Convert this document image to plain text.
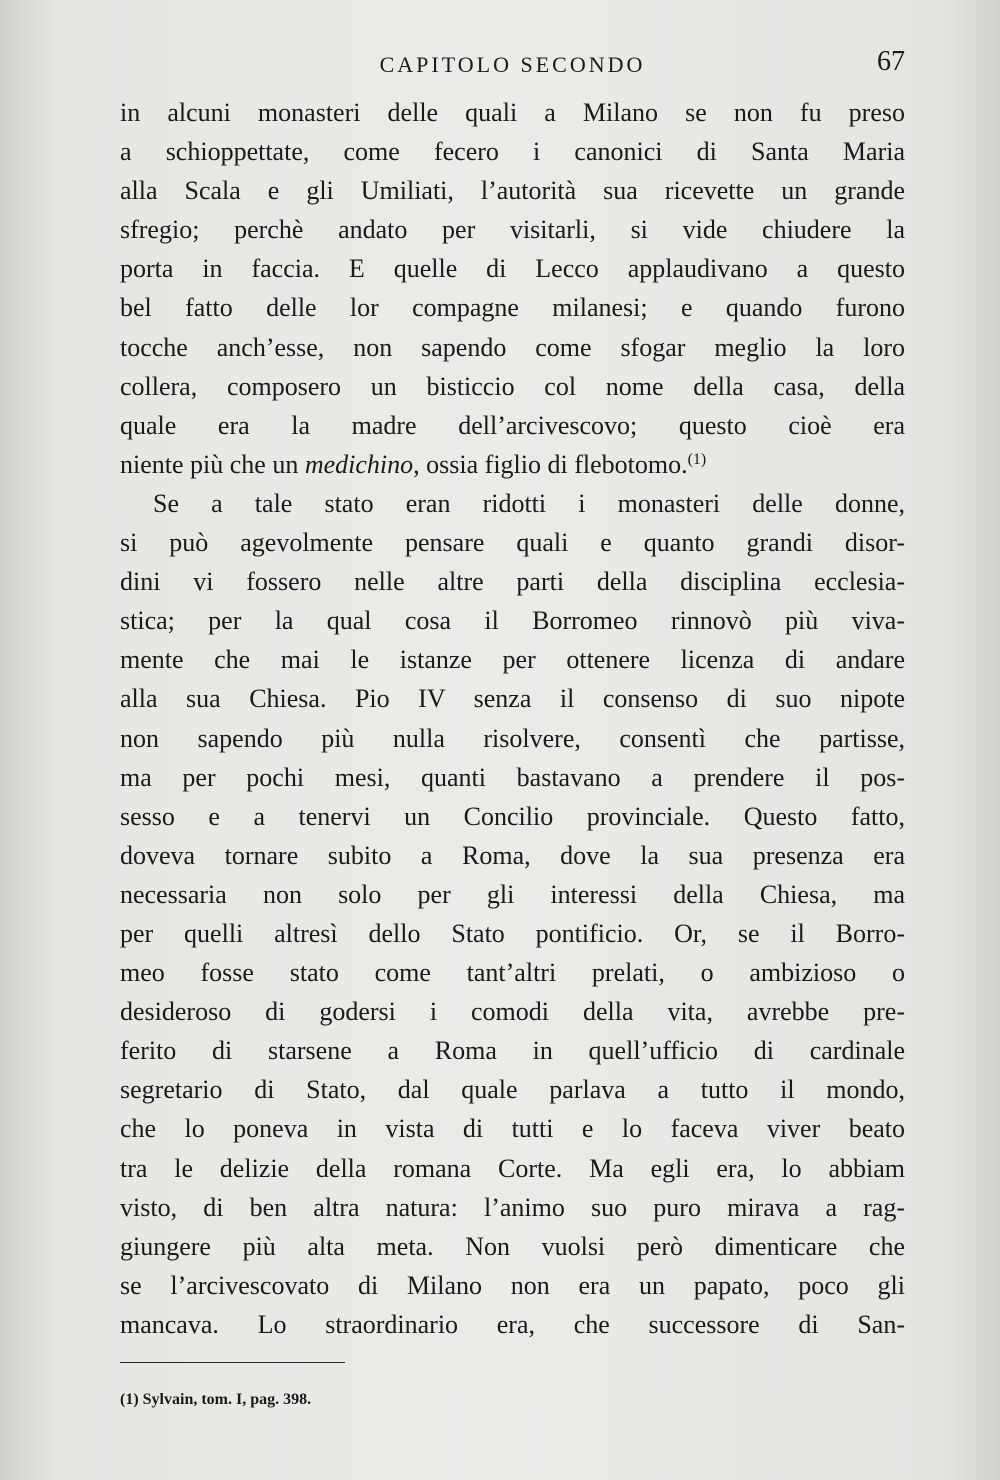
CAPITOLO SECONDO	67
in alcuni monasteri delle quali a Milano se non fu preso
a schioppettate, come fecero i canonici di Santa Maria
alla Scala e gli Umiliati, l’autorità sua ricevette un grande
sfregio; perchè andato per visitarli, si vide chiudere la
porta in faccia. E quelle di Lecco applaudivano a questo
bel fatto delle lor compagne milanesi; e quando furono
tocche anch’esse, non sapendo come sfogar meglio la loro
collera, composero un bisticcio col nome della casa, della
quale era la madre dell’arcivescovo; questo cioè era
niente più che un medichino, ossia figlio di flebotomo.$^{(1)}$
Se a tale stato eran ridotti i monasteri delle donne,
si può agevolmente pensare quali e quanto grandi disor-
dini vi fossero nelle altre parti della disciplina ecclesia-
stica; per la qual cosa il Borromeo rinnovò più viva-
mente che mai le istanze per ottenere licenza di andare
alla sua Chiesa. Pio IV senza il consenso di suo nipote
non sapendo più nulla risolvere, consentì che partisse,
ma per pochi mesi, quanti bastavano a prendere il pos-
sesso e a tenervi un Concilio provinciale. Questo fatto,
doveva tornare subito a Roma, dove la sua presenza era
necessaria non solo per gli interessi della Chiesa, ma
per quelli altresì dello Stato pontificio. Or, se il Borro-
meo fosse stato come tant’altri prelati, o ambizioso o
desideroso di godersi i comodi della vita, avrebbe pre-
ferito di starsene a Roma in quell’ufficio di cardinale
segretario di Stato, dal quale parlava a tutto il mondo,
che lo poneva in vista di tutti e lo faceva viver beato
tra le delizie della romana Corte. Ma egli era, lo abbiam
visto, di ben altra natura: l’animo suo puro mirava a rag-
giungere più alta meta. Non vuolsi però dimenticare che
se l’arcivescovato di Milano non era un papato, poco gli
mancava. Lo straordinario era, che successore di San-
(1) Sylvain, tom. I, pag. 398.
